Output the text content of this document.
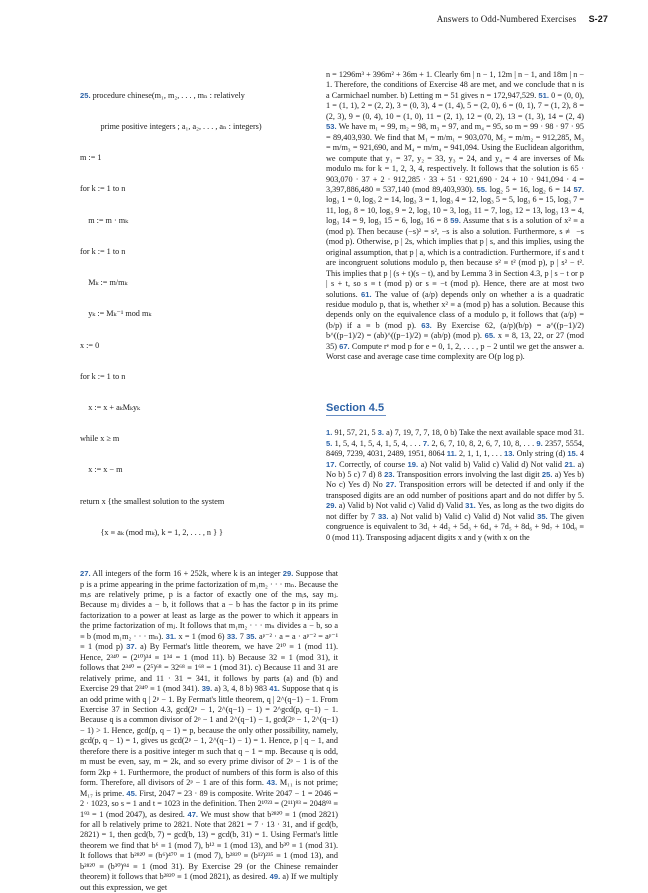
Answers to Odd-Numbered Exercises S-27

25. procedure chinese(m₁, m₂, . . . , mₙ : relatively

prime positive integers ; a₁, a₂, . . . , aₙ : integers)

m := 1

for k := 1 to n

m := m · mₖ

for k := 1 to n

Mₖ := m/mₖ

yₖ := Mₖ⁻¹ mod mₖ

x := 0

for k := 1 to n

x := x + aₖMₖyₖ

while x ≥ m

x := x − m

return x {the smallest solution to the system

{x ≡ aₖ (mod mₖ), k = 1, 2, . . . , n } }

27. All integers of the form 16 + 252k, where k is an integer 29. Suppose that p is a prime appearing in the prime factorization of m₁m₂ · · · mₙ. Because the mᵢs are relatively prime, p is a factor of exactly one of the mᵢs, say mⱼ. Because mⱼ divides a − b, it follows that a − b has the factor p in its prime factorization to a power at least as large as the power to which it appears in the prime factorization of mⱼ. It follows that m₁m₂ · · · mₙ divides a − b, so a ≡ b (mod m₁m₂ · · · mₙ). 31. x = 1 (mod 6) 33. 7 35. aᵖ⁻² · a = a · aᵖ⁻² = aᵖ⁻¹ ≡ 1 (mod p) 37. a) By Fermat's little theorem, we have 2¹⁰ ≡ 1 (mod 11). Hence, 2³⁴⁰ = (2¹⁰)³⁴ ≡ 1³⁴ = 1 (mod 11). b) Because 32 ≡ 1 (mod 31), it follows that 2³⁴⁰ = (2⁵)⁶⁸ = 32⁶⁸ ≡ 1⁶⁸ = 1 (mod 31). c) Because 11 and 31 are relatively prime, and 11 · 31 = 341, it follows by parts (a) and (b) and Exercise 29 that 2³⁴⁰ ≡ 1 (mod 341). 39. a) 3, 4, 8 b) 983 41. Suppose that q is an odd prime with q | 2ᵖ − 1. By Fermat's little theorem, q | 2^(q−1) − 1. From Exercise 37 in Section 4.3, gcd(2ᵖ − 1, 2^(q−1) − 1) = 2^gcd(p, q−1) − 1. Because q is a common divisor of 2ᵖ − 1 and 2^(q−1) − 1, gcd(2ᵖ − 1, 2^(q−1) − 1) > 1. Hence, gcd(p, q − 1) = p, because the only other possibility, namely, gcd(p, q − 1) = 1, gives us gcd(2ᵖ − 1, 2^(q−1) − 1) = 1. Hence, p | q − 1, and therefore there is a positive integer m such that q − 1 = mp. Because q is odd, m must be even, say, m = 2k, and so every prime divisor of 2ᵖ − 1 is of the form 2kp + 1. Furthermore, the product of numbers of this form is also of this form. Therefore, all divisors of 2ᵖ − 1 are of this form. 43. M₁₁ is not prime; M₁₇ is prime. 45. First, 2047 = 23 · 89 is composite. Write 2047 − 1 = 2046 = 2 · 1023, so s = 1 and t = 1023 in the definition. Then 2¹⁰²³ = (2¹¹)⁹³ = 2048⁹³ ≡ 1⁹³ = 1 (mod 2047), as desired. 47. We must show that b²⁸²⁰ ≡ 1 (mod 2821) for all b relatively prime to 2821. Note that 2821 = 7 · 13 · 31, and if gcd(b, 2821) = 1, then gcd(b, 7) = gcd(b, 13) = gcd(b, 31) = 1. Using Fermat's little theorem we find that b⁶ ≡ 1 (mod 7), b¹² ≡ 1 (mod 13), and b³⁰ ≡ 1 (mod 31). It follows that b²⁸²⁰ ≡ (b⁶)⁴⁷⁰ ≡ 1 (mod 7), b²⁸²⁰ ≡ (b¹²)²³⁵ ≡ 1 (mod 13), and b²⁸²⁰ ≡ (b³⁰)⁹⁴ ≡ 1 (mod 31). By Exercise 29 (or the Chinese remainder theorem) it follows that b²⁸²⁰ ≡ 1 (mod 2821), as desired. 49. a) If we multiply out this expression, we get

n = 1296m³ + 396m² + 36m + 1. Clearly 6m | n − 1, 12m | n − 1, and 18m | n − 1. Therefore, the conditions of Exercise 48 are met, and we conclude that n is a Carmichael number. b) Letting m = 51 gives n = 172,947,529. 51. 0 = (0, 0), 1 = (1, 1), 2 = (2, 2), 3 = (0, 3), 4 = (1, 4), 5 = (2, 0), 6 = (0, 1), 7 = (1, 2), 8 = (2, 3), 9 = (0, 4), 10 = (1, 0), 11 = (2, 1), 12 = (0, 2), 13 = (1, 3), 14 = (2, 4) 53. We have m₁ = 99, m₂ = 98, m₃ = 97, and m₄ = 95, so m = 99 · 98 · 97 · 95 = 89,403,930. We find that M₁ = m/m₁ = 903,070, M₂ = m/m₂ = 912,285, M₃ = m/m₃ = 921,690, and M₄ = m/m₄ = 941,094. Using the Euclidean algorithm, we compute that y₁ = 37, y₂ = 33, y₃ = 24, and y₄ = 4 are inverses of Mₖ modulo mₖ for k = 1, 2, 3, 4, respectively. It follows that the solution is 65 · 903,070 · 37 + 2 · 912,285 · 33 + 51 · 921,690 · 24 + 10 · 941,094 · 4 = 3,397,886,480 ≡ 537,140 (mod 89,403,930). 55. log₂ 5 = 16, log₂ 6 = 14 57. log₃ 1 = 0, log₃ 2 = 14, log₃ 3 = 1, log₃ 4 = 12, log₃ 5 = 5, log₃ 6 = 15, log₃ 7 = 11, log₃ 8 = 10, log₃ 9 = 2, log₃ 10 = 3, log₃ 11 = 7, log₃ 12 = 13, log₃ 13 = 4, log₃ 14 = 9, log₃ 15 = 6, log₃ 16 = 8 59. Assume that s is a solution of x² ≡ a (mod p). Then because (−s)² = s², −s is also a solution. Furthermore, s ≢ −s (mod p). Otherwise, p | 2s, which implies that p | s, and this implies, using the original assumption, that p | a, which is a contradiction. Furthermore, if s and t are incongruent solutions modulo p, then because s² ≡ t² (mod p), p | s² − t². This implies that p | (s + t)(s − t), and by Lemma 3 in Section 4.3, p | s − t or p | s + t, so s ≡ t (mod p) or s ≡ −t (mod p). Hence, there are at most two solutions. 61. The value of (a/p) depends only on whether a is a quadratic residue modulo p, that is, whether x² ≡ a (mod p) has a solution. Because this depends only on the equivalence class of a modulo p, it follows that (a/p) = (b/p) if a ≡ b (mod p). 63. By Exercise 62, (a/p)(b/p) = a^((p−1)/2) b^((p−1)/2) = (ab)^((p−1)/2) ≡ (ab/p) (mod p). 65. x ≡ 8, 13, 22, or 27 (mod 35) 67. Compute rᵉ mod p for e = 0, 1, 2, . . . , p − 2 until we get the answer a. Worst case and average case time complexity are O(p log p).

Section 4.5

1. 91, 57, 21, 5 3. a) 7, 19, 7, 7, 18, 0 b) Take the next available space mod 31. 5. 1, 5, 4, 1, 5, 4, 1, 5, 4, . . . 7. 2, 6, 7, 10, 8, 2, 6, 7, 10, 8, . . . 9. 2357, 5554, 8469, 7239, 4031, 2489, 1951, 8064 11. 2, 1, 1, 1, . . . 13. Only string (d) 15. 4 17. Correctly, of course 19. a) Not valid b) Valid c) Valid d) Not valid 21. a) No b) 5 c) 7 d) 8 23. Transposition errors involving the last digit 25. a) Yes b) No c) Yes d) No 27. Transposition errors will be detected if and only if the transposed digits are an odd number of positions apart and do not differ by 5. 29. a) Valid b) Not valid c) Valid d) Valid 31. Yes, as long as the two digits do not differ by 7 33. a) Not valid b) Valid c) Valid d) Not valid 35. The given congruence is equivalent to 3d₁ + 4d₂ + 5d₃ + 6d₄ + 7d₅ + 8d₆ + 9d₇ + 10d₈ ≡ 0 (mod 11). Transposing adjacent digits x and y (with x on the
